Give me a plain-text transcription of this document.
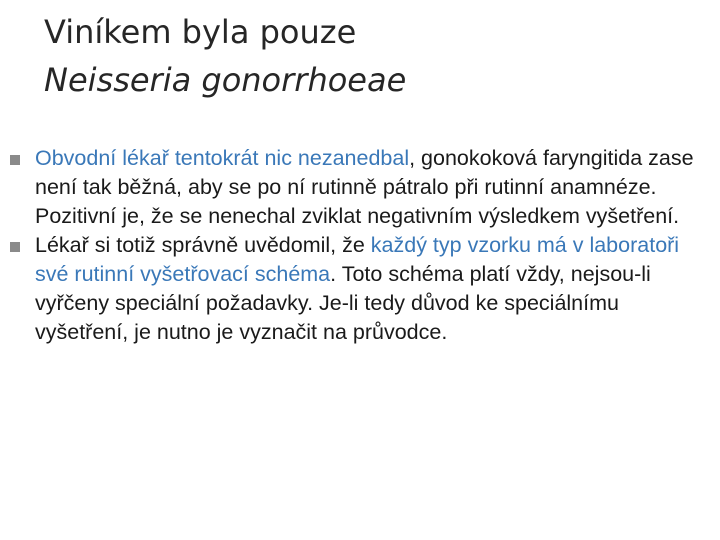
Viníkem byla pouze
Neisseria gonorrhoeae
Obvodní lékař tentokrát nic nezanedbal, gonokoková faryngitida zase není tak běžná, aby se po ní rutinně pátralo při rutinní anamnéze. Pozitivní je, že se nenechal zviklat negativním výsledkem vyšetření.
Lékař si totiž správně uvědomil, že každý typ vzorku má v laboratoři své rutinní vyšetřovací schéma. Toto schéma platí vždy, nejsou-li vyřčeny speciální požadavky. Je-li tedy důvod ke speciálnímu vyšetření, je nutno je vyznačit na průvodce.
